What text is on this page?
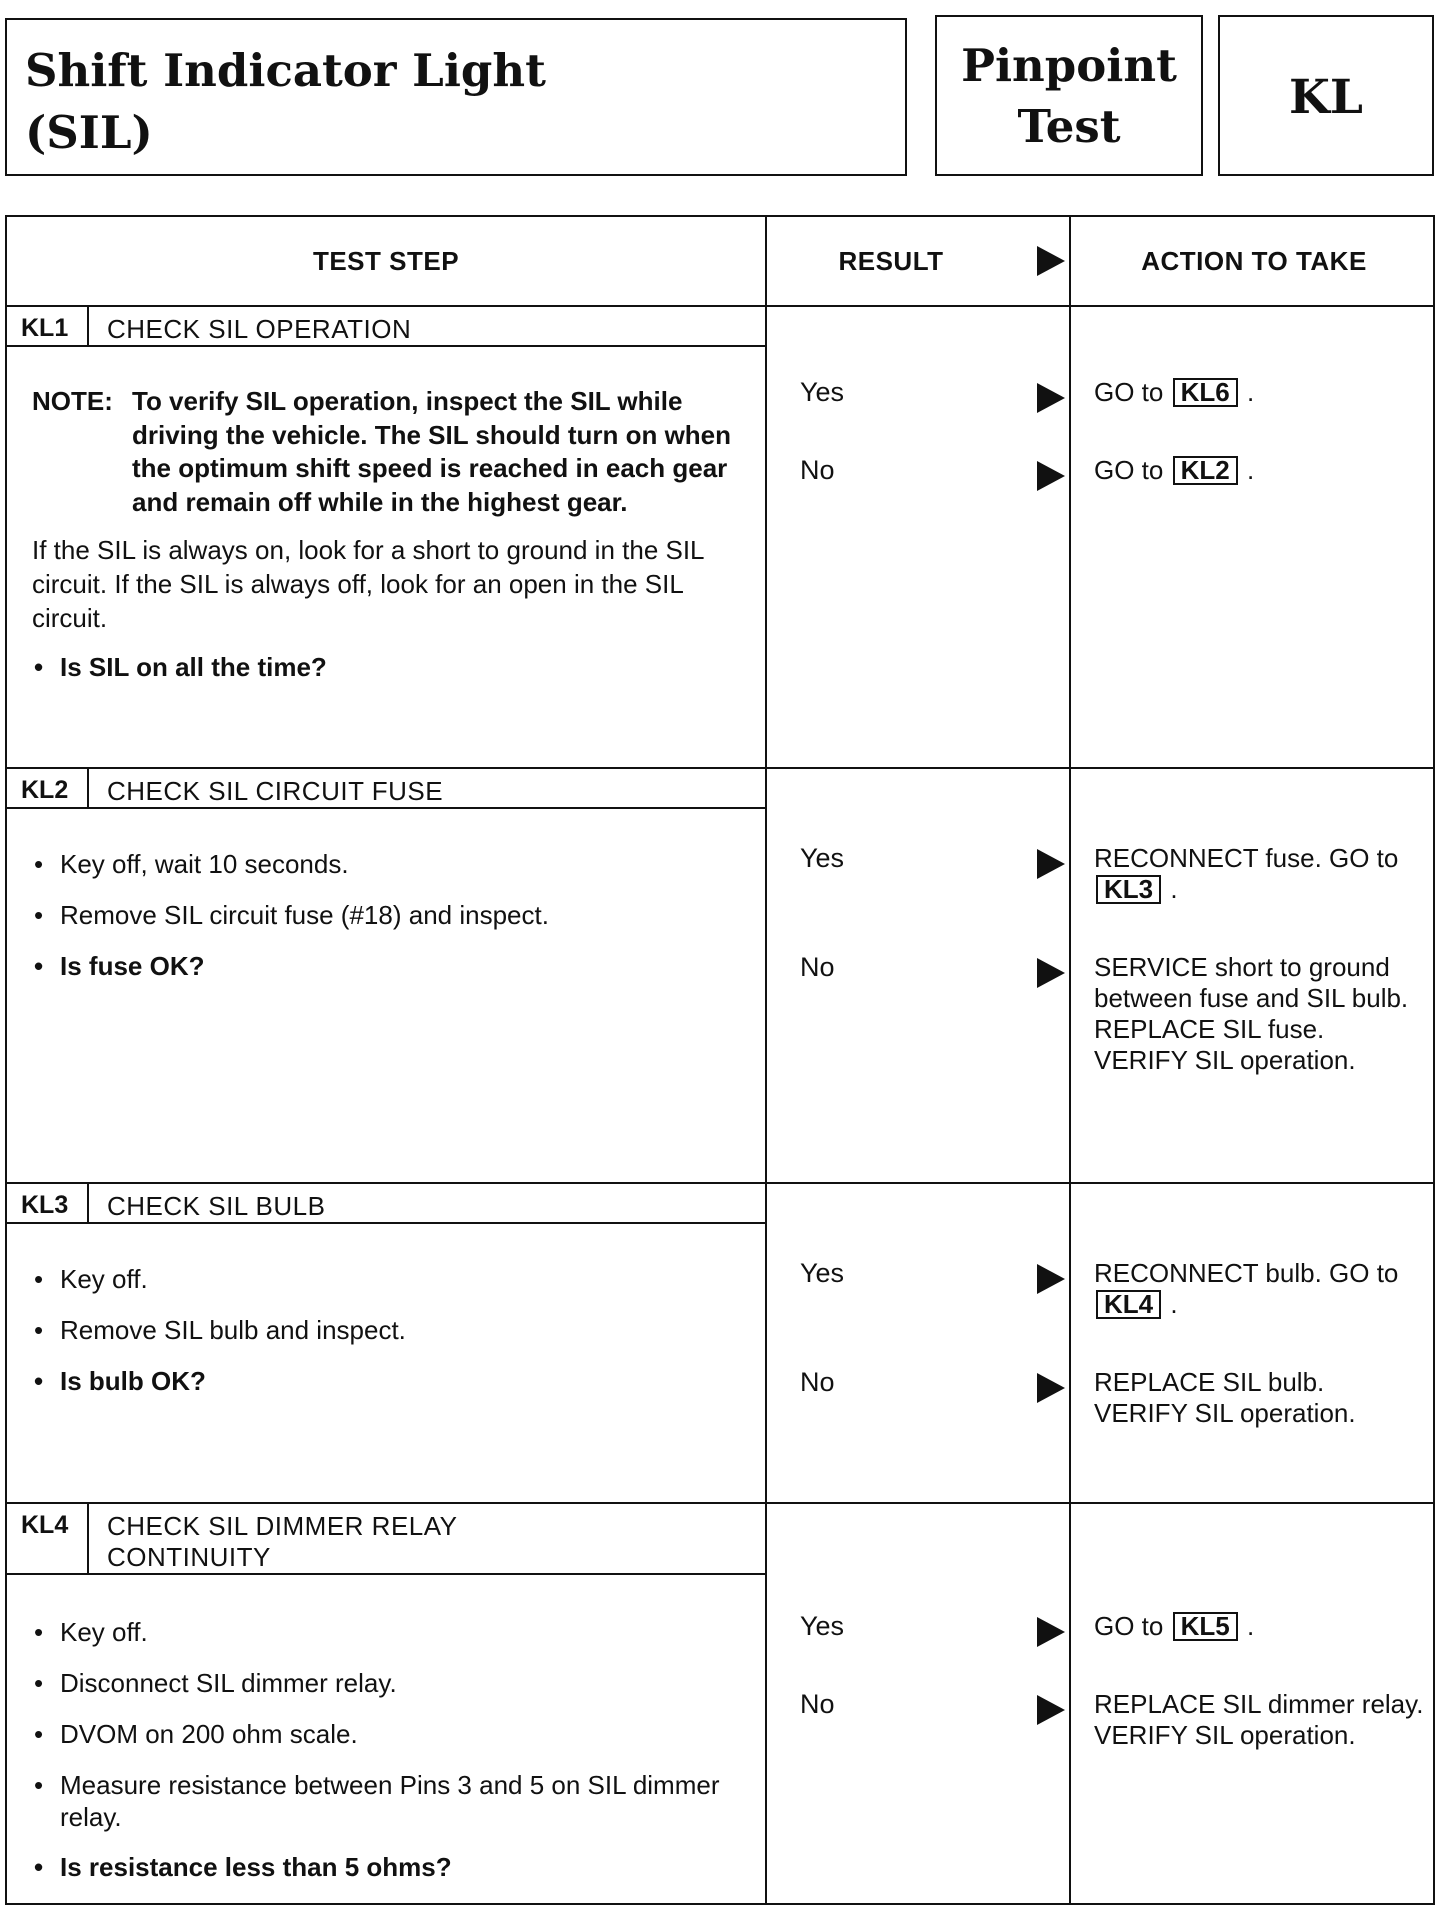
Shift Indicator Light
(SIL)
Pinpoint
Test
KL
TEST STEP	RESULT	ACTION TO TAKE
KL1	CHECK SIL OPERATION
NOTE: To verify SIL operation, inspect the SIL while driving the vehicle. The SIL should turn on when the optimum shift speed is reached in each gear and remain off while in the highest gear.
If the SIL is always on, look for a short to ground in the SIL circuit. If the SIL is always off, look for an open in the SIL circuit.
• Is SIL on all the time?
Yes	GO to KL6 .
No	GO to KL2 .
KL2	CHECK SIL CIRCUIT FUSE
• Key off, wait 10 seconds.
• Remove SIL circuit fuse (#18) and inspect.
• Is fuse OK?
Yes	RECONNECT fuse. GO to KL3 .
No	SERVICE short to ground between fuse and SIL bulb. REPLACE SIL fuse. VERIFY SIL operation.
KL3	CHECK SIL BULB
• Key off.
• Remove SIL bulb and inspect.
• Is bulb OK?
Yes	RECONNECT bulb. GO to KL4 .
No	REPLACE SIL bulb. VERIFY SIL operation.
KL4	CHECK SIL DIMMER RELAY
CONTINUITY
• Key off.
• Disconnect SIL dimmer relay.
• DVOM on 200 ohm scale.
• Measure resistance between Pins 3 and 5 on SIL dimmer relay.
• Is resistance less than 5 ohms?
Yes	GO to KL5 .
No	REPLACE SIL dimmer relay. VERIFY SIL operation.
